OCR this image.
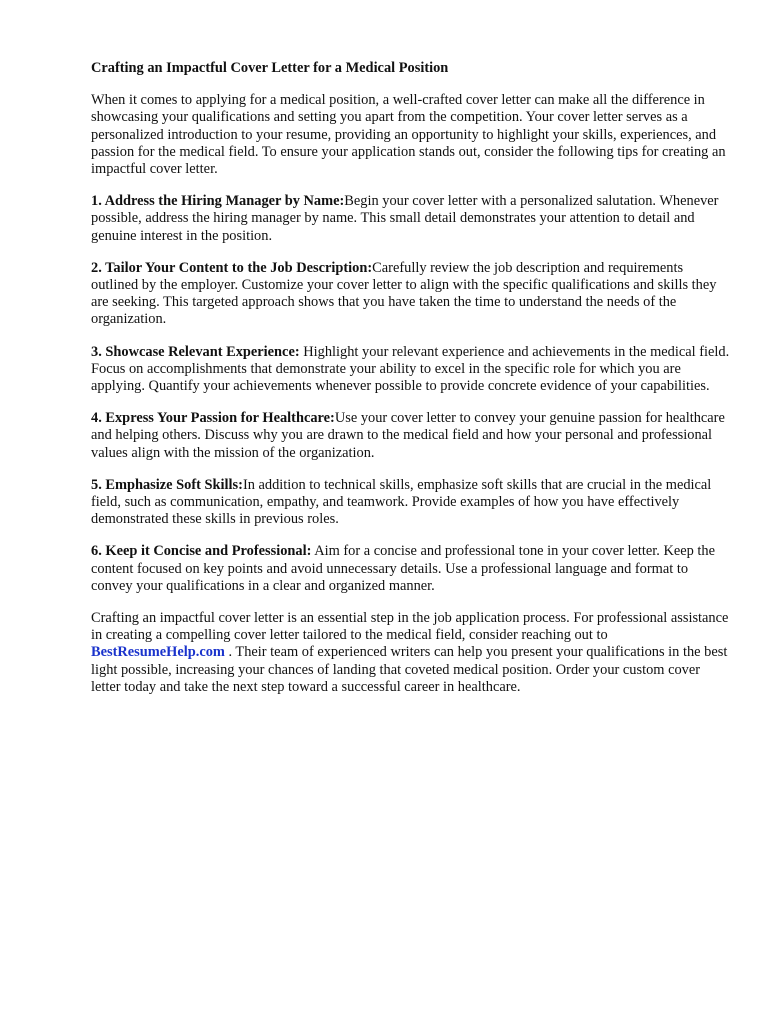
Crafting an Impactful Cover Letter for a Medical Position

When it comes to applying for a medical position, a well-crafted cover letter can make all the difference in showcasing your qualifications and setting you apart from the competition. Your cover letter serves as a personalized introduction to your resume, providing an opportunity to highlight your skills, experiences, and passion for the medical field. To ensure your application stands out, consider the following tips for creating an impactful cover letter.

1. Address the Hiring Manager by Name:Begin your cover letter with a personalized salutation. Whenever possible, address the hiring manager by name. This small detail demonstrates your attention to detail and genuine interest in the position.

2. Tailor Your Content to the Job Description:Carefully review the job description and requirements outlined by the employer. Customize your cover letter to align with the specific qualifications and skills they are seeking. This targeted approach shows that you have taken the time to understand the needs of the organization.

3. Showcase Relevant Experience: Highlight your relevant experience and achievements in the medical field. Focus on accomplishments that demonstrate your ability to excel in the specific role for which you are applying. Quantify your achievements whenever possible to provide concrete evidence of your capabilities.

4. Express Your Passion for Healthcare:Use your cover letter to convey your genuine passion for healthcare and helping others. Discuss why you are drawn to the medical field and how your personal and professional values align with the mission of the organization.

5. Emphasize Soft Skills:In addition to technical skills, emphasize soft skills that are crucial in the medical field, such as communication, empathy, and teamwork. Provide examples of how you have effectively demonstrated these skills in previous roles.

6. Keep it Concise and Professional: Aim for a concise and professional tone in your cover letter. Keep the content focused on key points and avoid unnecessary details. Use a professional language and format to convey your qualifications in a clear and organized manner.

Crafting an impactful cover letter is an essential step in the job application process. For professional assistance in creating a compelling cover letter tailored to the medical field, consider reaching out to BestResumeHelp.com . Their team of experienced writers can help you present your qualifications in the best light possible, increasing your chances of landing that coveted medical position. Order your custom cover letter today and take the next step toward a successful career in healthcare.
